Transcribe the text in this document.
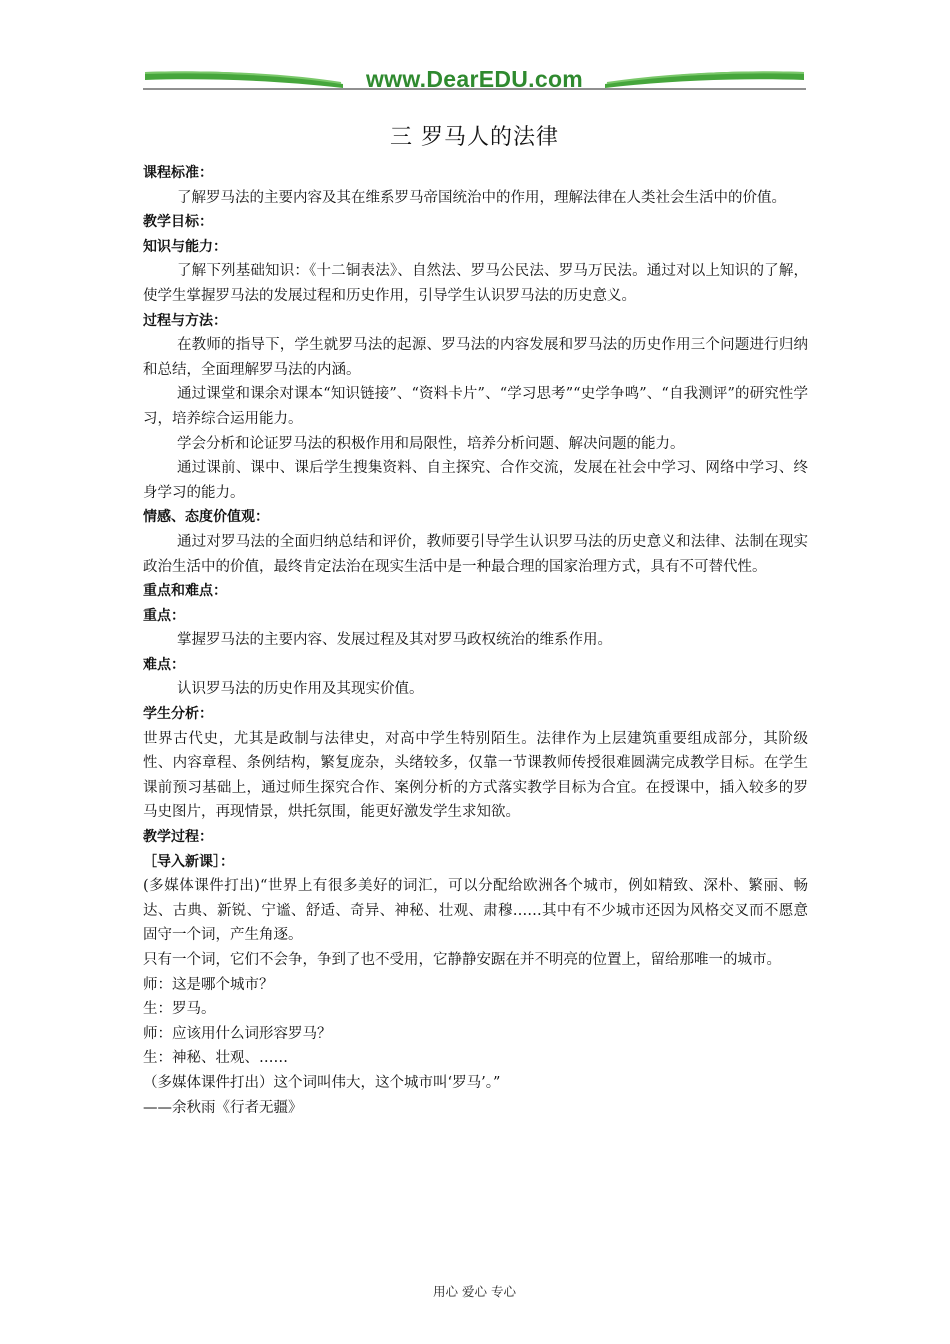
www.DearEDU.com
三 罗马人的法律

课程标准：

了解罗马法的主要内容及其在维系罗马帝国统治中的作用，理解法律在人类社会生活中的价值。

教学目标：

知识与能力：

了解下列基础知识：《十二铜表法》、自然法、罗马公民法、罗马万民法。通过对以上知识的了解，使学生掌握罗马法的发展过程和历史作用，引导学生认识罗马法的历史意义。

过程与方法：

在教师的指导下，学生就罗马法的起源、罗马法的内容发展和罗马法的历史作用三个问题进行归纳和总结，全面理解罗马法的内涵。

通过课堂和课余对课本“知识链接”、“资料卡片”、“学习思考”“史学争鸣”、“自我测评”的研究性学习，培养综合运用能力。

学会分析和论证罗马法的积极作用和局限性，培养分析问题、解决问题的能力。

通过课前、课中、课后学生搜集资料、自主探究、合作交流，发展在社会中学习、网络中学习、终身学习的能力。

情感、态度价值观：

通过对罗马法的全面归纳总结和评价，教师要引导学生认识罗马法的历史意义和法律、法制在现实政治生活中的价值，最终肯定法治在现实生活中是一种最合理的国家治理方式，具有不可替代性。

重点和难点：

重点：

掌握罗马法的主要内容、发展过程及其对罗马政权统治的维系作用。

难点：

认识罗马法的历史作用及其现实价值。

学生分析：

世界古代史，尤其是政制与法律史，对高中学生特别陌生。法律作为上层建筑重要组成部分，其阶级性、内容章程、条例结构，繁复庞杂，头绪较多，仅靠一节课教师传授很难圆满完成教学目标。在学生课前预习基础上，通过师生探究合作、案例分析的方式落实教学目标为合宜。在授课中，插入较多的罗马史图片，再现情景，烘托氛围，能更好激发学生求知欲。

教学过程：

［导入新课］：

(多媒体课件打出)“世界上有很多美好的词汇，可以分配给欧洲各个城市，例如精致、深朴、繁丽、畅达、古典、新锐、宁谧、舒适、奇异、神秘、壮观、肃穆……其中有不少城市还因为风格交叉而不愿意固守一个词，产生角逐。

只有一个词，它们不会争，争到了也不受用，它静静安踞在并不明亮的位置上，留给那唯一的城市。

师：这是哪个城市？

生：罗马。

师：应该用什么词形容罗马？

生：神秘、壮观、……

（多媒体课件打出）这个词叫伟大，这个城市叫‘罗马’。”

——余秋雨《行者无疆》

用心 爱心 专心
